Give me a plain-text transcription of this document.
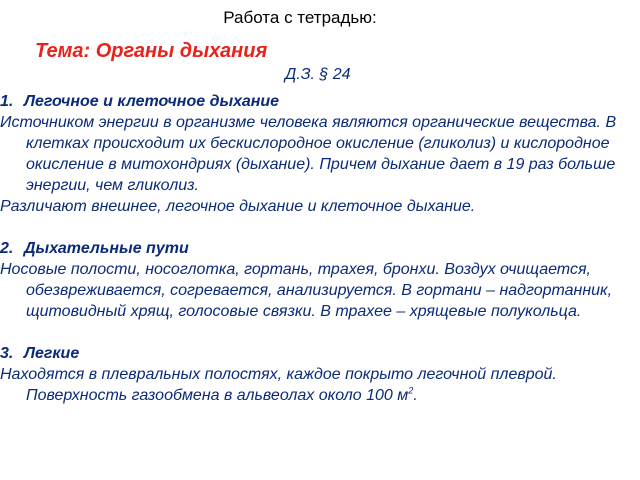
Работа с тетрадью:
Тема: Органы дыхания
Д.З. § 24
1. Легочное и клеточное дыхание
Источником энергии в организме человека являются органические вещества. В клетках происходит их бескислородное окисление (гликолиз) и кислородное окисление в митохондриях (дыхание). Причем дыхание дает в 19 раз больше энергии, чем гликолиз.
Различают внешнее, легочное дыхание и клеточное дыхание.
2. Дыхательные пути
Носовые полости, носоглотка, гортань, трахея, бронхи. Воздух очищается, обезвреживается, согревается, анализируется. В гортани – надгортанник, щитовидный хрящ, голосовые связки. В трахее – хрящевые полукольца.
3. Легкие
Находятся в плевральных полостях, каждое покрыто легочной плеврой. Поверхность газообмена в альвеолах около 100 $м^2$.
